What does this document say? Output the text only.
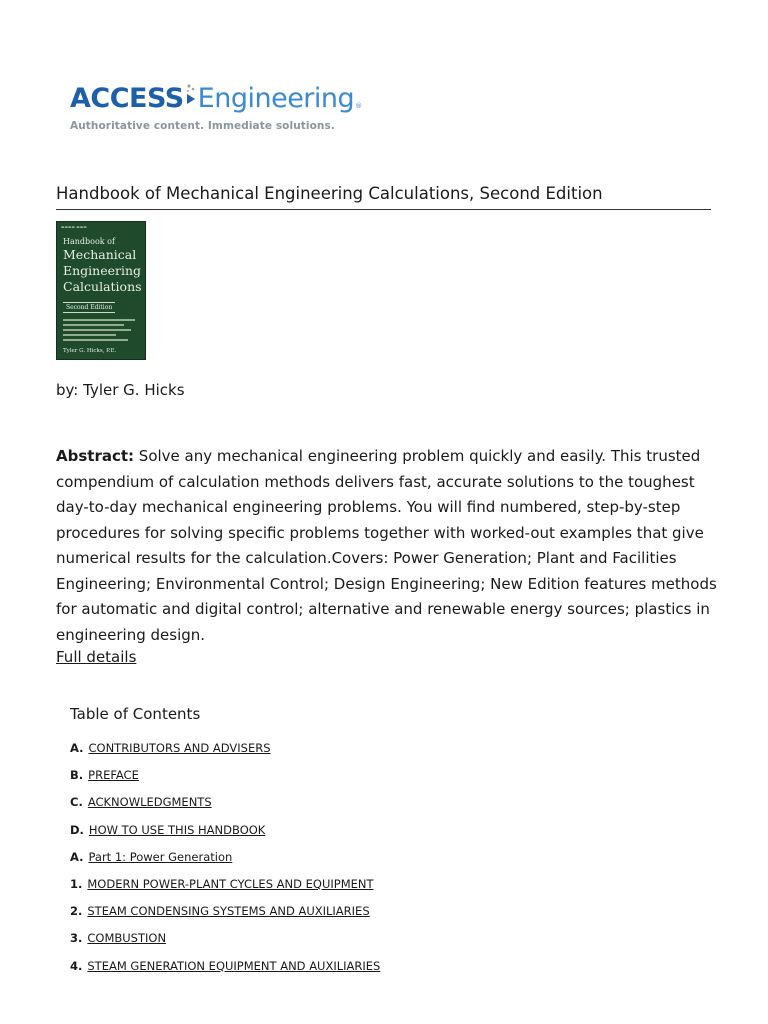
ACCESS Engineering ®
Authoritative content. Immediate solutions.
Handbook of Mechanical Engineering Calculations, Second Edition
▬▬▬▬ ▬▬▬
Handbook of
Mechanical
Engineering
Calculations
Second Edition
Tyler G. Hicks, P.E.
by: Tyler G. Hicks

Abstract: Solve any mechanical engineering problem quickly and easily. This trusted compendium of calculation methods delivers fast, accurate solutions to the toughest day-to-day mechanical engineering problems. You will find numbered, step-by-step procedures for solving specific problems together with worked-out examples that give numerical results for the calculation.Covers: Power Generation; Plant and Facilities Engineering; Environmental Control; Design Engineering; New Edition features methods for automatic and digital control; alternative and renewable energy sources; plastics in engineering design.

Full details
Table of Contents
A. CONTRIBUTORS AND ADVISERS
B. PREFACE
C. ACKNOWLEDGMENTS
D. HOW TO USE THIS HANDBOOK
A. Part 1: Power Generation
1. MODERN POWER-PLANT CYCLES AND EQUIPMENT
2. STEAM CONDENSING SYSTEMS AND AUXILIARIES
3. COMBUSTION
4. STEAM GENERATION EQUIPMENT AND AUXILIARIES
